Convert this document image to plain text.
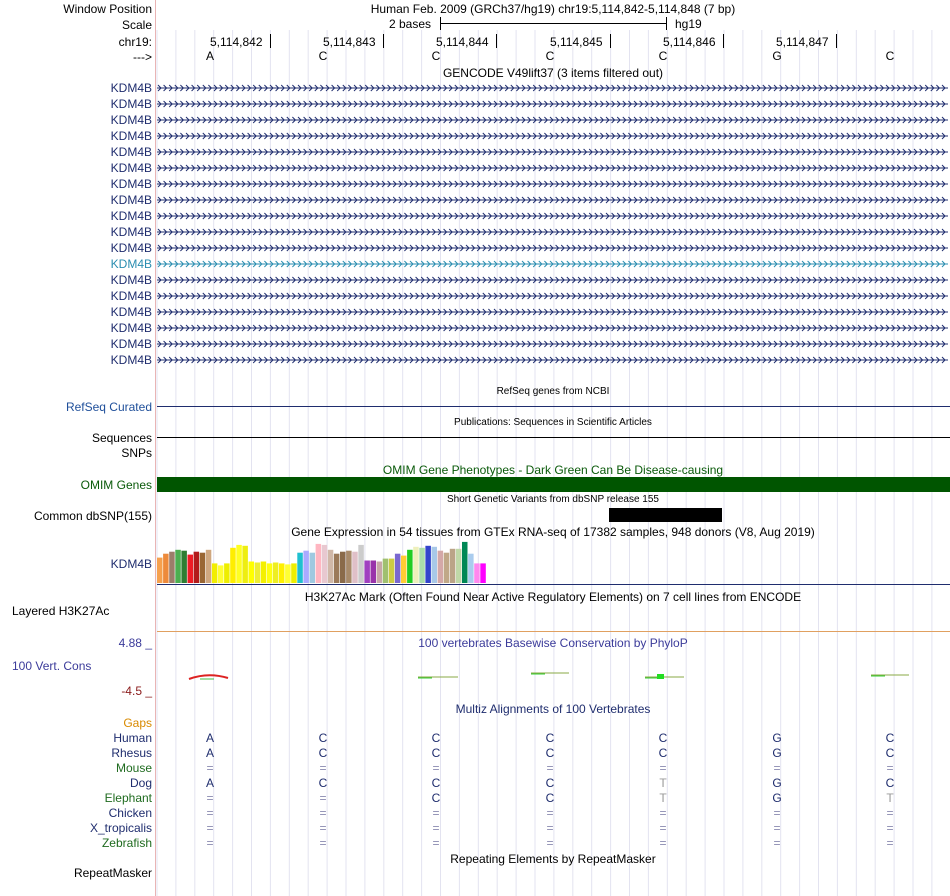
Window Position	Human Feb. 2009 (GRCh37/hg19) chr19:5,114,842-5,114,848 (7 bp)
Scale	2 bases	hg19
chr19:	5,114,842	5,114,843	5,114,844	5,114,845	5,114,846	5,114,847
--->	A	C	C	C	C	G	C
GENCODE V49lift37 (3 items filtered out)
KDM4B
KDM4B
KDM4B
KDM4B
KDM4B
KDM4B
KDM4B
KDM4B
KDM4B
KDM4B
KDM4B
KDM4B
KDM4B
KDM4B
KDM4B
KDM4B
KDM4B
KDM4B
RefSeq genes from NCBI
RefSeq Curated
Publications: Sequences in Scientific Articles
Sequences
SNPs
OMIM Gene Phenotypes - Dark Green Can Be Disease-causing
OMIM Genes
Short Genetic Variants from dbSNP release 155
Common dbSNP(155)
Gene Expression in 54 tissues from GTEx RNA-seq of 17382 samples, 948 donors (V8, Aug 2019)
KDM4B
H3K27Ac Mark (Often Found Near Active Regulatory Elements) on 7 cell lines from ENCODE
Layered H3K27Ac
4.88 _	100 vertebrates Basewise Conservation by PhyloP
100 Vert. Cons
-4.5 _
Multiz Alignments of 100 Vertebrates
Gaps
Human	A	C	C	C	C	G	C
Rhesus	A	C	C	C	C	G	C
Mouse	=	=	=	=	=	=	=
Dog	A	C	C	C	T	G	C
Elephant	=	=	C	C	T	G	T
Chicken	=	=	=	=	=	=	=
X_tropicalis	=	=	=	=	=	=	=
Zebrafish	=	=	=	=	=	=	=
Repeating Elements by RepeatMasker
RepeatMasker
